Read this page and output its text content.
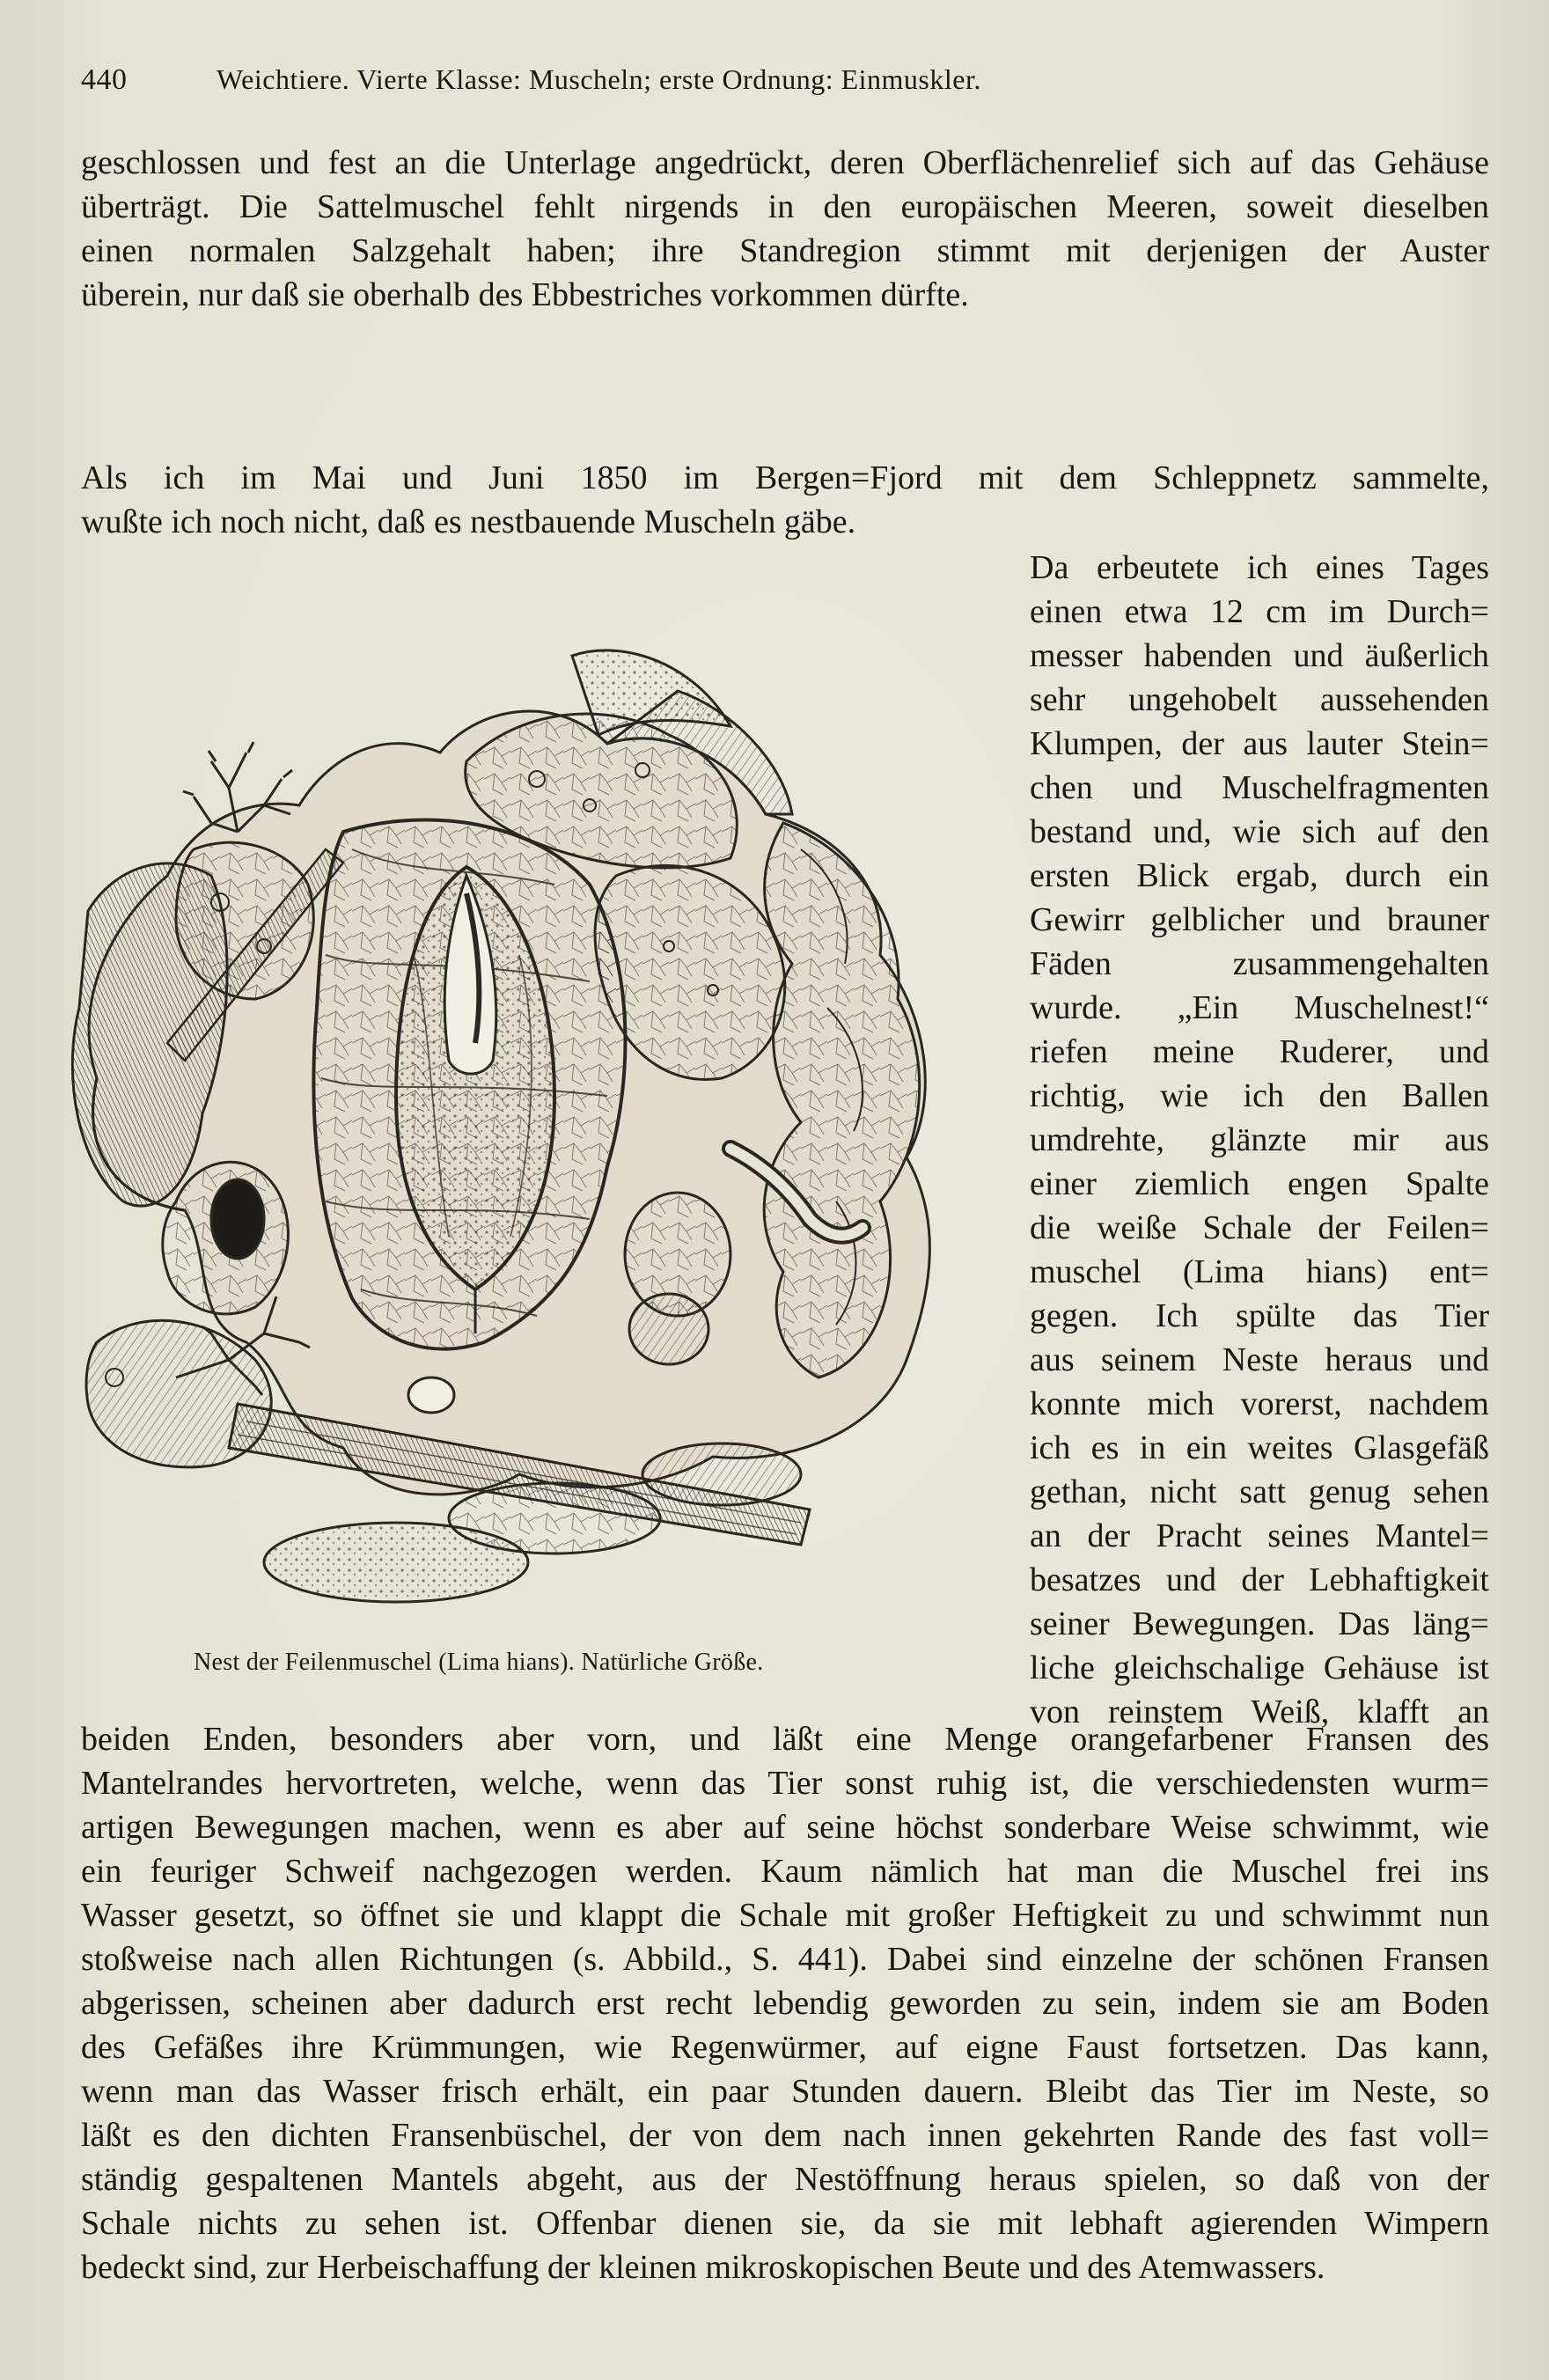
440	Weichtiere. Vierte Klasse: Muscheln; erste Ordnung: Einmuskler.
geschlossen und fest an die Unterlage angedrückt, deren Oberflächenrelief sich auf das Gehäuse
überträgt. Die Sattelmuschel fehlt nirgends in den europäischen Meeren, soweit dieselben
einen normalen Salzgehalt haben; ihre Standregion stimmt mit derjenigen der Auster
überein, nur daß sie oberhalb des Ebbestriches vorkommen dürfte.
Als ich im Mai und Juni 1850 im Bergen=Fjord mit dem Schleppnetz sammelte,
wußte ich noch nicht, daß es nestbauende Muscheln gäbe.
Da erbeutete ich eines Tages
einen etwa 12 cm im Durch=
messer habenden und äußerlich
sehr ungehobelt aussehenden
Klumpen, der aus lauter Stein=
chen und Muschelfragmenten
bestand und, wie sich auf den
ersten Blick ergab, durch ein
Gewirr gelblicher und brauner
Fäden zusammengehalten
wurde. „Ein Muschelnest!“
riefen meine Ruderer, und
richtig, wie ich den Ballen
umdrehte, glänzte mir aus
einer ziemlich engen Spalte
die weiße Schale der Feilen=
muschel (Lima hians) ent=
gegen. Ich spülte das Tier
aus seinem Neste heraus und
konnte mich vorerst, nachdem
ich es in ein weites Glasgefäß
gethan, nicht satt genug sehen
an der Pracht seines Mantel=
besatzes und der Lebhaftigkeit
seiner Bewegungen. Das läng=
liche gleichschalige Gehäuse ist
von reinstem Weiß, klafft an
Nest der Feilenmuschel (Lima hians). Natürliche Größe.
beiden Enden, besonders aber vorn, und läßt eine Menge orangefarbener Fransen des
Mantelrandes hervortreten, welche, wenn das Tier sonst ruhig ist, die verschiedensten wurm=
artigen Bewegungen machen, wenn es aber auf seine höchst sonderbare Weise schwimmt, wie
ein feuriger Schweif nachgezogen werden. Kaum nämlich hat man die Muschel frei ins
Wasser gesetzt, so öffnet sie und klappt die Schale mit großer Heftigkeit zu und schwimmt nun
stoßweise nach allen Richtungen (s. Abbild., S. 441). Dabei sind einzelne der schönen Fransen
abgerissen, scheinen aber dadurch erst recht lebendig geworden zu sein, indem sie am Boden
des Gefäßes ihre Krümmungen, wie Regenwürmer, auf eigne Faust fortsetzen. Das kann,
wenn man das Wasser frisch erhält, ein paar Stunden dauern. Bleibt das Tier im Neste, so
läßt es den dichten Fransenbüschel, der von dem nach innen gekehrten Rande des fast voll=
ständig gespaltenen Mantels abgeht, aus der Nestöffnung heraus spielen, so daß von der
Schale nichts zu sehen ist. Offenbar dienen sie, da sie mit lebhaft agierenden Wimpern
bedeckt sind, zur Herbeischaffung der kleinen mikroskopischen Beute und des Atemwassers.
